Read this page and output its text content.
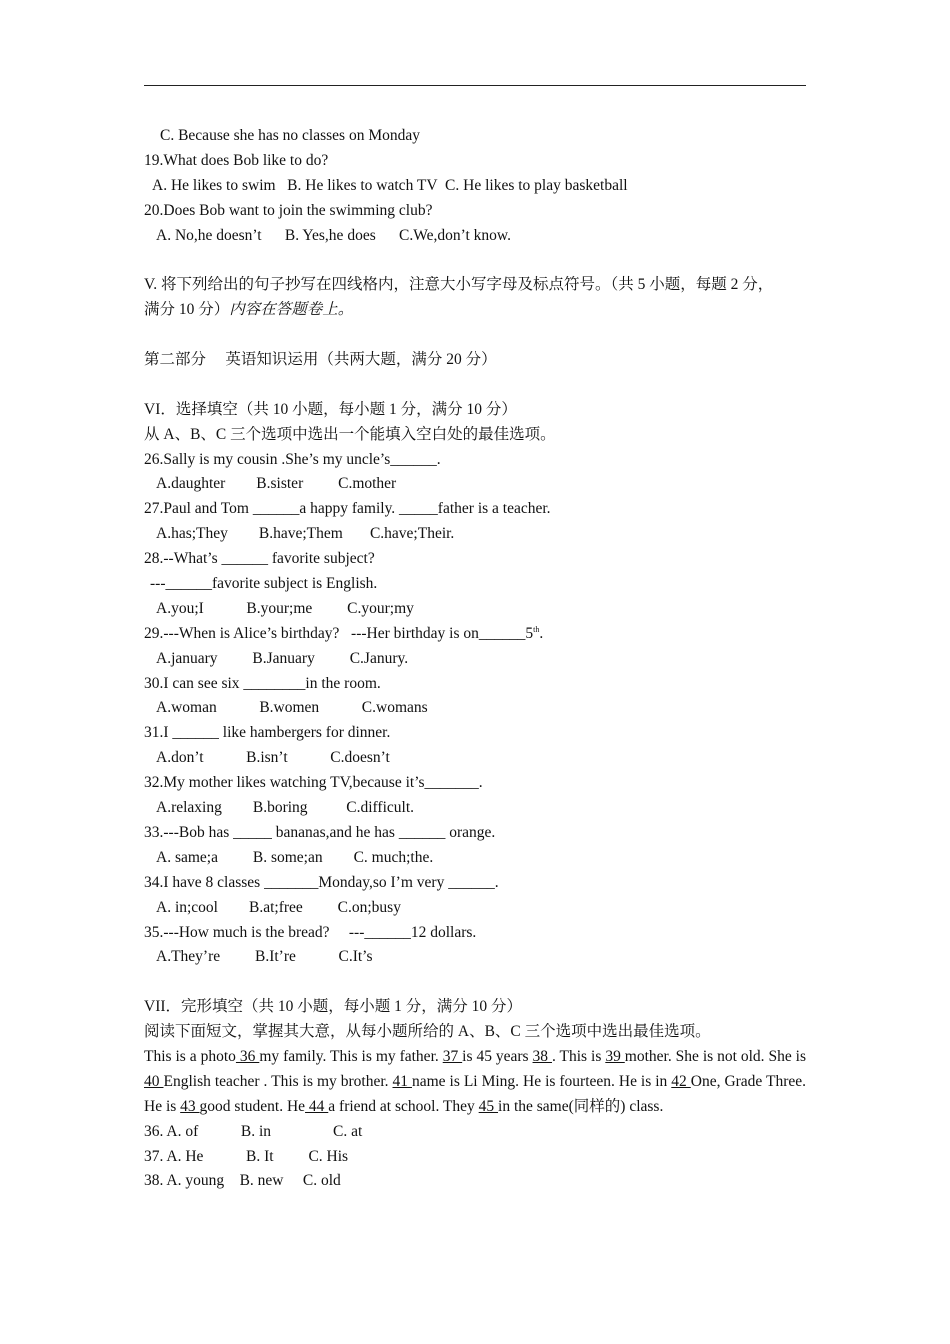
C. Because she has no classes on Monday
19.What does Bob like to do?
A. He likes to swim   B. He likes to watch TV  C. He likes to play basketball
20.Does Bob want to join the swimming club?
A. No,he doesn’t      B. Yes,he does      C.We,don’t know.
V. 将下列给出的句子抄写在四线格内，注意大小写字母及标点符号。（共 5 小题，每题 2 分，
满分 10 分）内容在答题卷上。
第二部分     英语知识运用（共两大题，满分 20 分）
VI．选择填空（共 10 小题，每小题 1 分，满分 10 分）
从 A、B、C 三个选项中选出一个能填入空白处的最佳选项。
26.Sally is my cousin .She’s my uncle’s______.
A.daughter        B.sister         C.mother
27.Paul and Tom ______a happy family. _____father is a teacher.
A.has;They        B.have;Them       C.have;Their.
28.--What’s ______ favorite subject?
---______favorite subject is English.
A.you;I           B.your;me         C.your;my
29.---When is Alice’s birthday?   ---Her birthday is on______5th.
A.january         B.January         C.Janury.
30.I can see six ________in the room.
A.woman           B.women           C.womans
31.I ______ like hambergers for dinner.
A.don’t           B.isn’t           C.doesn’t
32.My mother likes watching TV,because it’s_______.
A.relaxing        B.boring          C.difficult.
33.---Bob has _____ bananas,and he has ______ orange.
A. same;a         B. some;an        C. much;the.
34.I have 8 classes _______Monday,so I’m very ______.
A. in;cool        B.at;free         C.on;busy
35.---How much is the bread?     ---______12 dollars.
A.They’re         B.It’re           C.It’s
VII．完形填空（共 10 小题，每小题 1 分，满分 10 分）
阅读下面短文，掌握其大意，从每小题所给的 A、B、C 三个选项中选出最佳选项。
This is a photo 36 my family. This is my father. 37 is 45 years 38 . This is 39 mother. She is not old. She is 40 English teacher . This is my brother. 41 name is Li Ming. He is fourteen. He is in 42 One, Grade Three. He is 43 good student. He 44 a friend at school. They 45 in the same(同样的) class.
36. A. of           B. in                C. at
37. A. He           B. It         C. His
38. A. young    B. new     C. old
